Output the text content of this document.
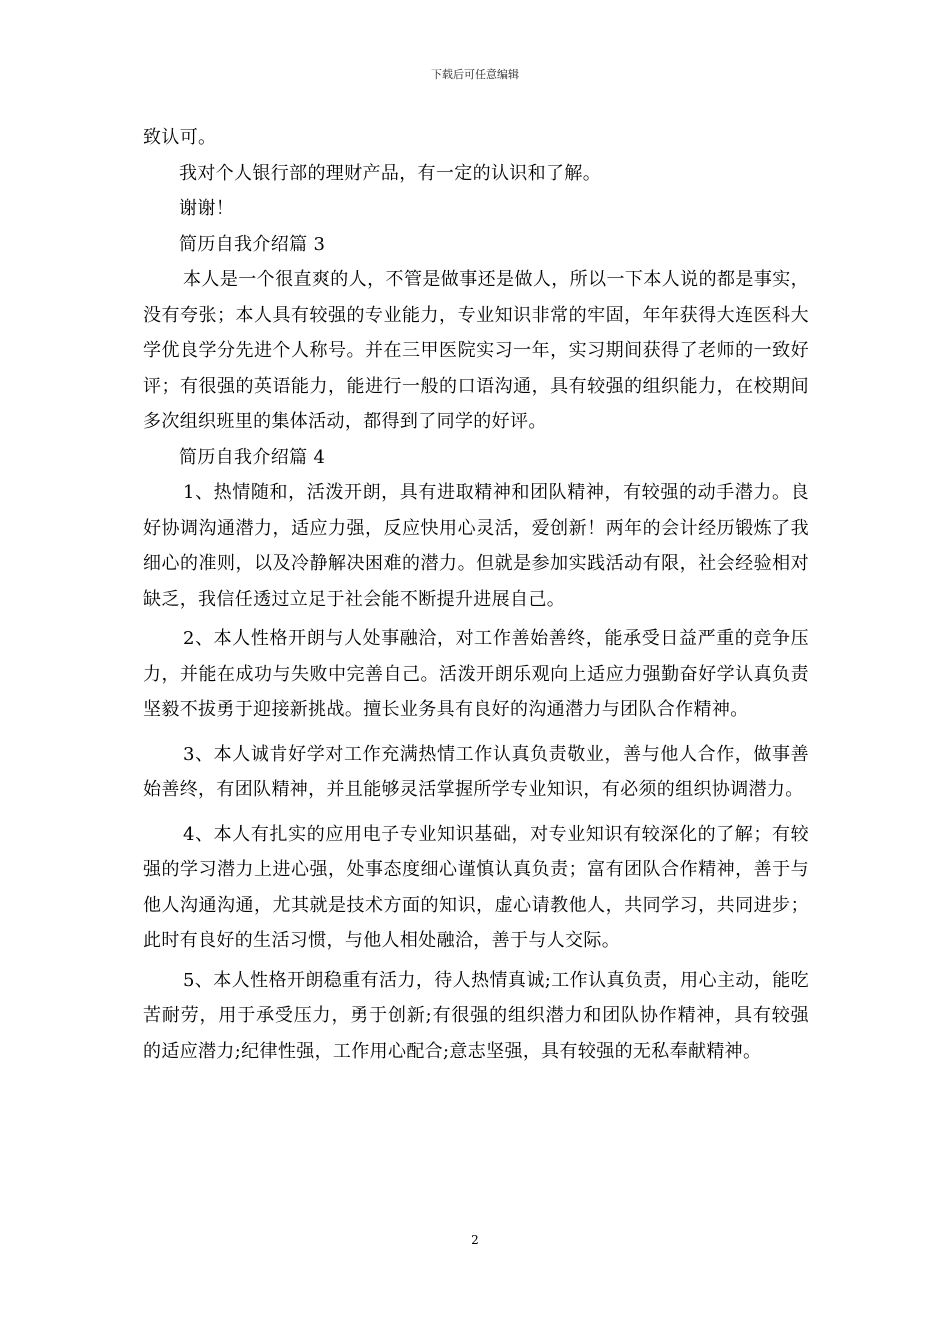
下载后可任意编辑

致认可。

我对个人银行部的理财产品，有一定的认识和了解。

谢谢！

简历自我介绍篇 3

本人是一个很直爽的人，不管是做事还是做人，所以一下本人说的都是事实，没有夸张；本人具有较强的专业能力，专业知识非常的牢固，年年获得大连医科大学优良学分先进个人称号。并在三甲医院实习一年，实习期间获得了老师的一致好评；有很强的英语能力，能进行一般的口语沟通，具有较强的组织能力，在校期间多次组织班里的集体活动，都得到了同学的好评。

简历自我介绍篇 4

1、热情随和，活泼开朗，具有进取精神和团队精神，有较强的动手潜力。良好协调沟通潜力，适应力强，反应快用心灵活，爱创新！两年的会计经历锻炼了我细心的准则，以及冷静解决困难的潜力。但就是参加实践活动有限，社会经验相对缺乏，我信任透过立足于社会能不断提升进展自己。

2、本人性格开朗与人处事融洽，对工作善始善终，能承受日益严重的竞争压力，并能在成功与失败中完善自己。活泼开朗乐观向上适应力强勤奋好学认真负责坚毅不拔勇于迎接新挑战。擅长业务具有良好的沟通潜力与团队合作精神。

3、本人诚肯好学对工作充满热情工作认真负责敬业，善与他人合作，做事善始善终，有团队精神，并且能够灵活掌握所学专业知识，有必须的组织协调潜力。

4、本人有扎实的应用电子专业知识基础，对专业知识有较深化的了解；有较强的学习潜力上进心强，处事态度细心谨慎认真负责；富有团队合作精神，善于与他人沟通沟通，尤其就是技术方面的知识，虚心请教他人，共同学习，共同进步；此时有良好的生活习惯，与他人相处融洽，善于与人交际。

5、本人性格开朗稳重有活力，待人热情真诚;工作认真负责，用心主动，能吃苦耐劳，用于承受压力，勇于创新;有很强的组织潜力和团队协作精神，具有较强的适应潜力;纪律性强，工作用心配合;意志坚强，具有较强的无私奉献精神。

2
